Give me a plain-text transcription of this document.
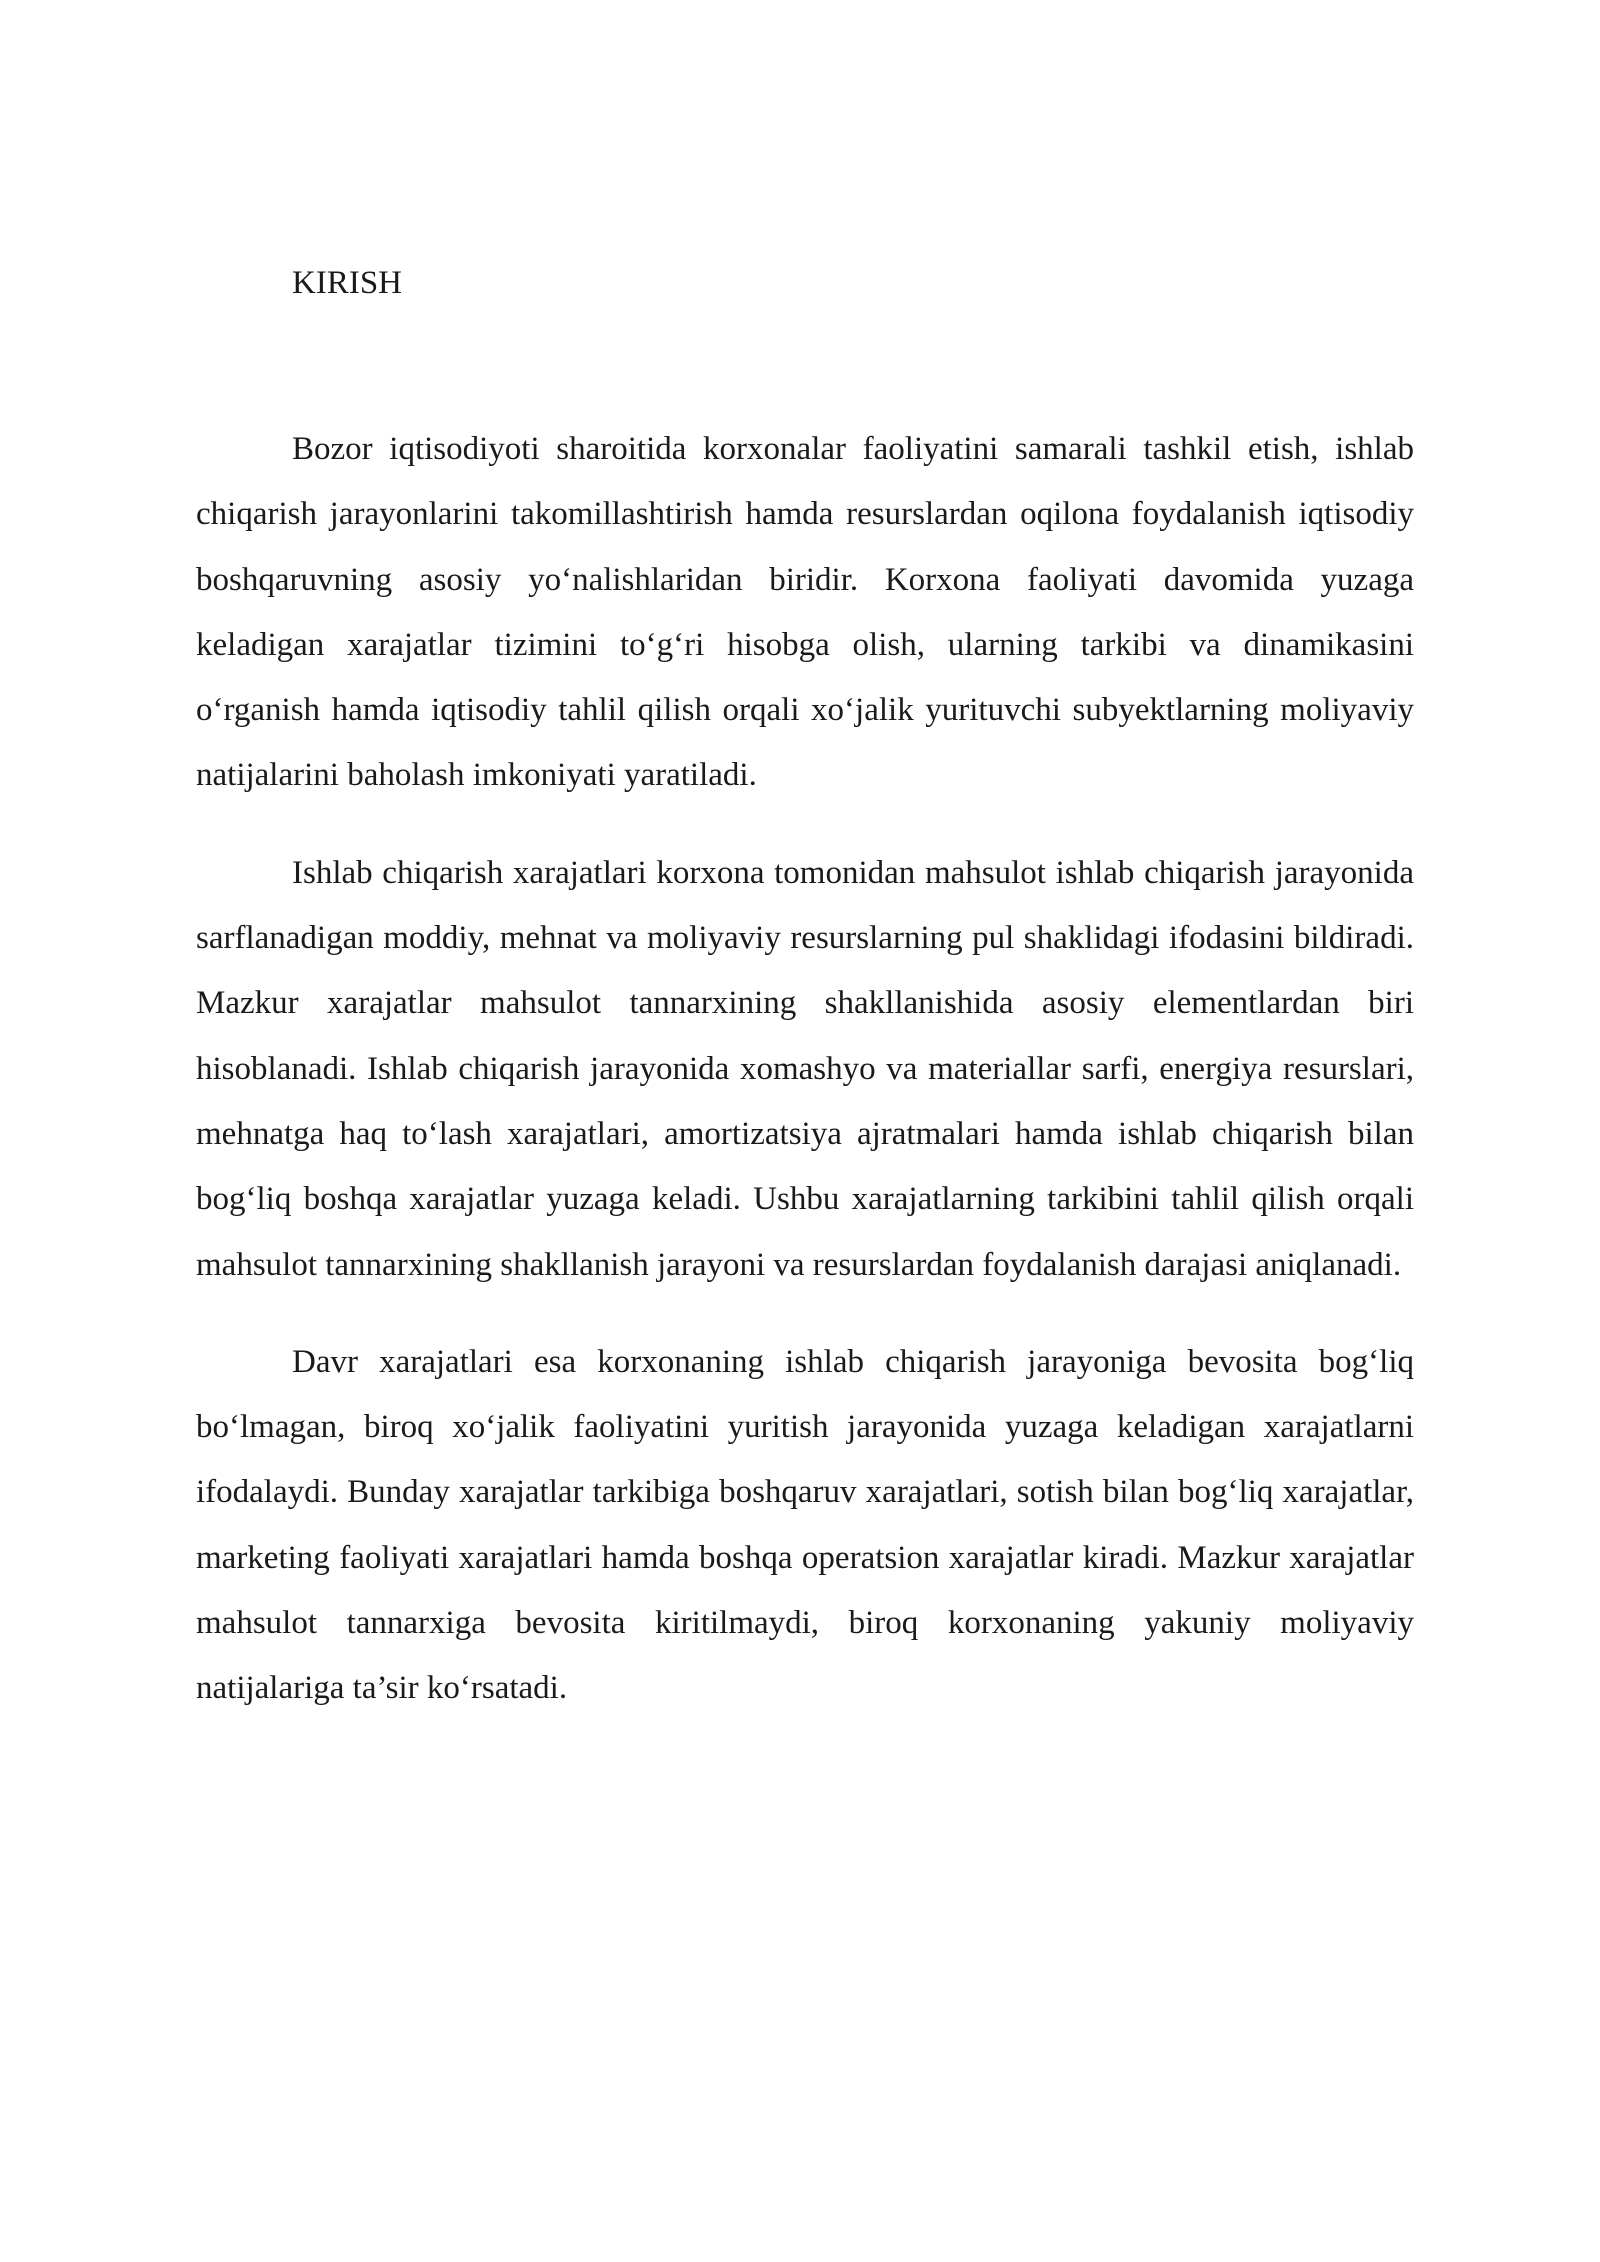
KIRISH

Bozor iqtisodiyoti sharoitida korxonalar faoliyatini samarali tashkil etish, ishlab chiqarish jarayonlarini takomillashtirish hamda resurslardan oqilona foydalanish iqtisodiy boshqaruvning asosiy yo‘nalishlaridan biridir. Korxona faoliyati davomida yuzaga keladigan xarajatlar tizimini to‘g‘ri hisobga olish, ularning tarkibi va dinamikasini o‘rganish hamda iqtisodiy tahlil qilish orqali xo‘jalik yurituvchi subyektlarning moliyaviy natijalarini baholash imkoniyati yaratiladi.

Ishlab chiqarish xarajatlari korxona tomonidan mahsulot ishlab chiqarish jarayonida sarflanadigan moddiy, mehnat va moliyaviy resurslarning pul shaklidagi ifodasini bildiradi. Mazkur xarajatlar mahsulot tannarxining shakllanishida asosiy elementlardan biri hisoblanadi. Ishlab chiqarish jarayonida xomashyo va materiallar sarfi, energiya resurslari, mehnatga haq to‘lash xarajatlari, amortizatsiya ajratmalari hamda ishlab chiqarish bilan bog‘liq boshqa xarajatlar yuzaga keladi. Ushbu xarajatlarning tarkibini tahlil qilish orqali mahsulot tannarxining shakllanish jarayoni va resurslardan foydalanish darajasi aniqlanadi.

Davr xarajatlari esa korxonaning ishlab chiqarish jarayoniga bevosita bog‘liq bo‘lmagan, biroq xo‘jalik faoliyatini yuritish jarayonida yuzaga keladigan xarajatlarni ifodalaydi. Bunday xarajatlar tarkibiga boshqaruv xarajatlari, sotish bilan bog‘liq xarajatlar, marketing faoliyati xarajatlari hamda boshqa operatsion xarajatlar kiradi. Mazkur xarajatlar mahsulot tannarxiga bevosita kiritilmaydi, biroq korxonaning yakuniy moliyaviy natijalariga ta’sir ko‘rsatadi.
